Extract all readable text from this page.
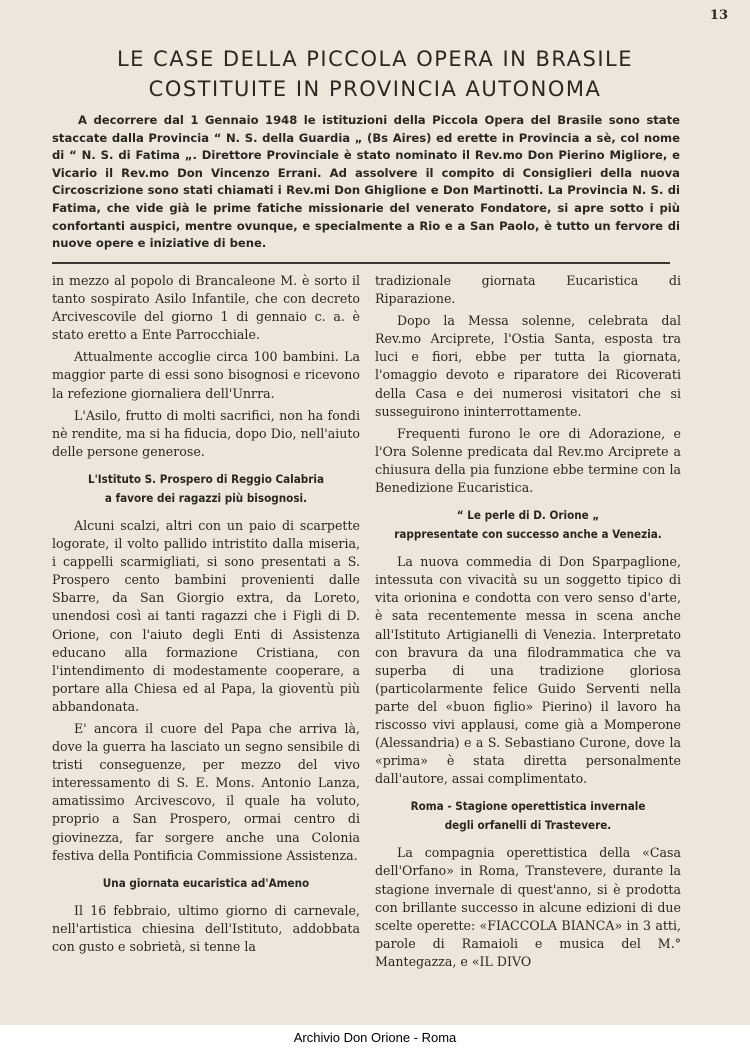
13
LE CASE DELLA PICCOLA OPERA IN BRASILE
COSTITUITE IN PROVINCIA AUTONOMA

A decorrere dal 1 Gennaio 1948 le istituzioni della Piccola Opera del Brasile sono state staccate dalla Provincia “ N. S. della Guardia „ (Bs Aires) ed erette in Provincia a sè, col nome di “ N. S. di Fatima „. Direttore Provinciale è stato nominato il Rev.mo Don Pierino Migliore, e Vicario il Rev.mo Don Vincenzo Errani. Ad assolvere il compito di Consiglieri della nuova Circoscrizione sono stati chiamati i Rev.mi Don Ghiglione e Don Martinotti. La Provincia N. S. di Fatima, che vide già le prime fatiche missionarie del venerato Fondatore, si apre sotto i più confortanti auspici, mentre ovunque, e specialmente a Rio e a San Paolo, è tutto un fervore di nuove opere e iniziative di bene.

in mezzo al popolo di Brancaleone M. è sorto il tanto sospirato Asilo Infantile, che con decreto Arcivescovile del giorno 1 di gennaio c. a. è stato eretto a Ente Parrocchiale.

Attualmente accoglie circa 100 bambini. La maggior parte di essi sono bisognosi e ricevono la refezione giornaliera dell'Unrra.

L'Asilo, frutto di molti sacrifici, non ha fondi nè rendite, ma si ha fiducia, dopo Dio, nell'aiuto delle persone generose.

L'Istituto S. Prospero di Reggio Calabria
a favore dei ragazzi più bisognosi.

Alcuni scalzi, altri con un paio di scarpette logorate, il volto pallido intristito dalla miseria, i cappelli scarmigliati, si sono presentati a S. Prospero cento bambini provenienti dalle Sbarre, da San Giorgio extra, da Loreto, unendosi così ai tanti ragazzi che i Figli di D. Orione, con l'aiuto degli Enti di Assistenza educano alla formazione Cristiana, con l'intendimento di modestamente cooperare, a portare alla Chiesa ed al Papa, la gioventù più abbandonata.

E' ancora il cuore del Papa che arriva là, dove la guerra ha lasciato un segno sensibile di tristi conseguenze, per mezzo del vivo interessamento di S. E. Mons. Antonio Lanza, amatissimo Arcivescovo, il quale ha voluto, proprio a San Prospero, ormai centro di giovinezza, far sorgere anche una Colonia festiva della Pontificia Commissione Assistenza.

Una giornata eucaristica ad'Ameno

Il 16 febbraio, ultimo giorno di carnevale, nell'artistica chiesina dell'Istituto, addobbata con gusto e sobrietà, si tenne la

tradizionale giornata Eucaristica di Riparazione.

Dopo la Messa solenne, celebrata dal Rev.mo Arciprete, l'Ostia Santa, esposta tra luci e fiori, ebbe per tutta la giornata, l'omaggio devoto e riparatore dei Ricoverati della Casa e dei numerosi visitatori che si susseguirono ininterrottamente.

Frequenti furono le ore di Adorazione, e l'Ora Solenne predicata dal Rev.mo Arciprete a chiusura della pia funzione ebbe termine con la Benedizione Eucaristica.

“ Le perle di D. Orione „
rappresentate con successo anche a Venezia.

La nuova commedia di Don Sparpaglione, intessuta con vivacità su un soggetto tipico di vita orionina e condotta con vero senso d'arte, è sata recentemente messa in scena anche all'Istituto Artigianelli di Venezia. Interpretato con bravura da una filodrammatica che va superba di una tradizione gloriosa (particolarmente felice Guido Serventi nella parte del «buon figlio» Pierino) il lavoro ha riscosso vivi applausi, come già a Momperone (Alessandria) e a S. Sebastiano Curone, dove la «prima» è stata diretta personalmente dall'autore, assai complimentato.

Roma - Stagione operettistica invernale
degli orfanelli di Trastevere.

La compagnia operettistica della «Casa dell'Orfano» in Roma, Transtevere, durante la stagione invernale di quest'anno, si è prodotta con brillante successo in alcune edizioni di due scelte operette: «FIACCOLA BIANCA» in 3 atti, parole di Ramaioli e musica del M.° Mantegazza, e «IL DIVO

Archivio Don Orione - Roma
